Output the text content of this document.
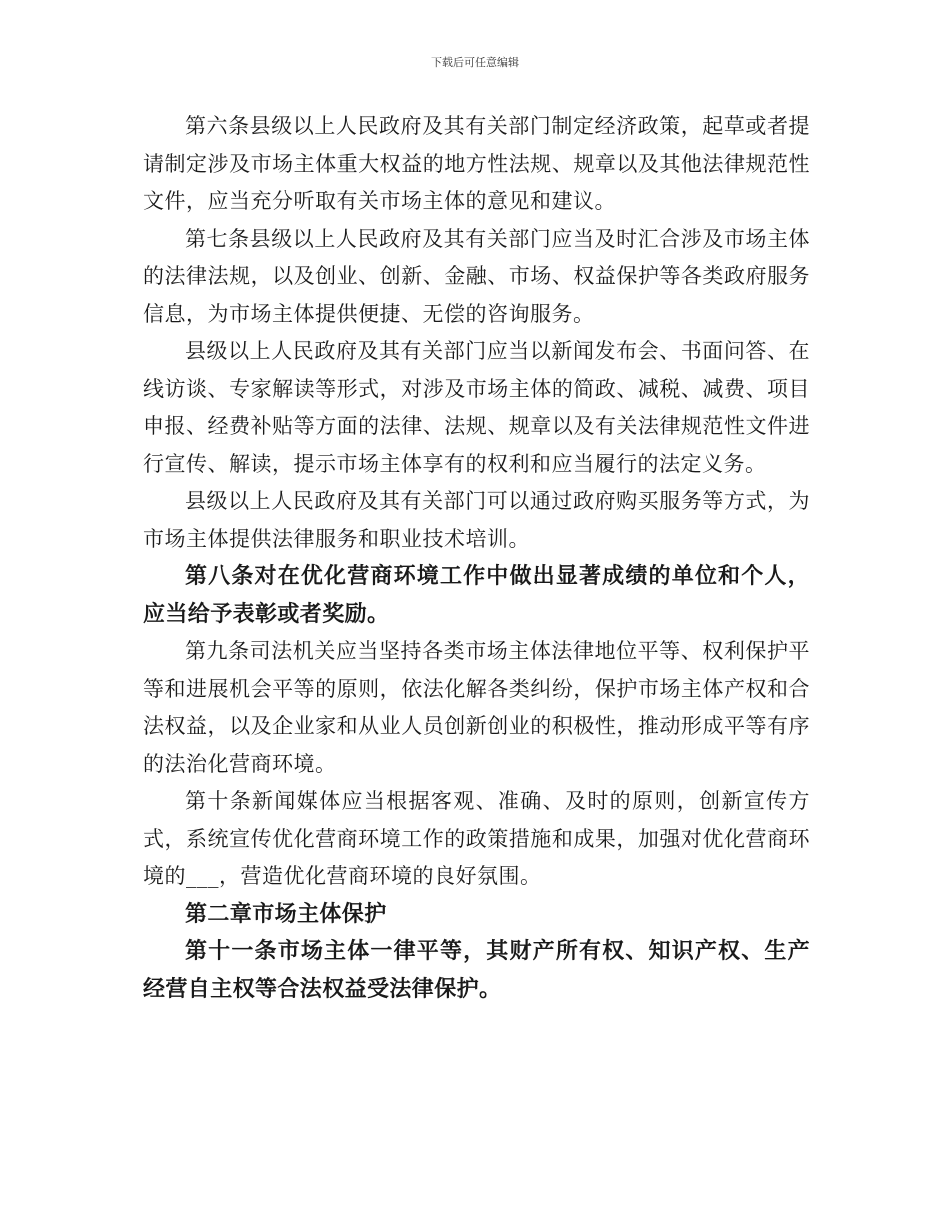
下载后可任意编辑

第六条县级以上人民政府及其有关部门制定经济政策，起草或者提请制定涉及市场主体重大权益的地方性法规、规章以及其他法律规范性文件，应当充分听取有关市场主体的意见和建议。

第七条县级以上人民政府及其有关部门应当及时汇合涉及市场主体的法律法规，以及创业、创新、金融、市场、权益保护等各类政府服务信息，为市场主体提供便捷、无偿的咨询服务。

县级以上人民政府及其有关部门应当以新闻发布会、书面问答、在线访谈、专家解读等形式，对涉及市场主体的简政、减税、减费、项目申报、经费补贴等方面的法律、法规、规章以及有关法律规范性文件进行宣传、解读，提示市场主体享有的权利和应当履行的法定义务。

县级以上人民政府及其有关部门可以通过政府购买服务等方式，为市场主体提供法律服务和职业技术培训。

第八条对在优化营商环境工作中做出显著成绩的单位和个人，应当给予表彰或者奖励。

第九条司法机关应当坚持各类市场主体法律地位平等、权利保护平等和进展机会平等的原则，依法化解各类纠纷，保护市场主体产权和合法权益，以及企业家和从业人员创新创业的积极性，推动形成平等有序的法治化营商环境。

第十条新闻媒体应当根据客观、准确、及时的原则，创新宣传方式，系统宣传优化营商环境工作的政策措施和成果，加强对优化营商环境的___，营造优化营商环境的良好氛围。

第二章市场主体保护

第十一条市场主体一律平等，其财产所有权、知识产权、生产经营自主权等合法权益受法律保护。
